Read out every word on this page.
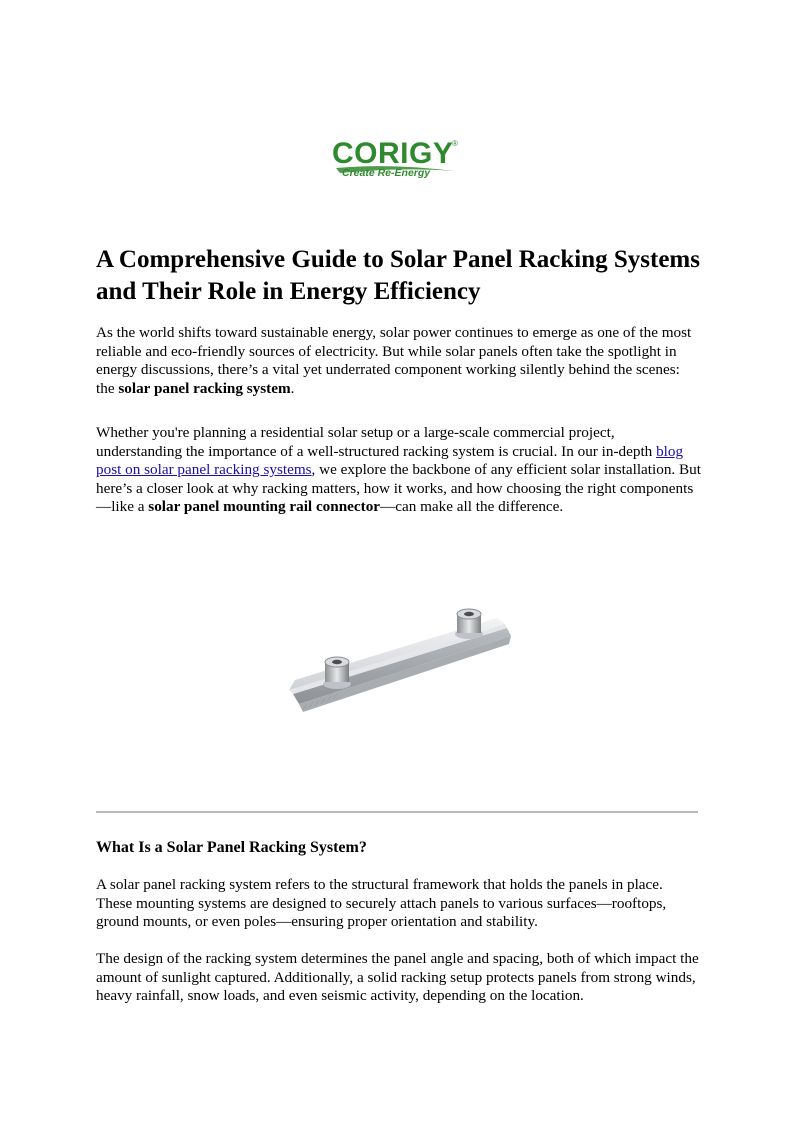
CORIGY
®
Create Re-Energy
A Comprehensive Guide to Solar Panel Racking Systems and Their Role in Energy Efficiency

As the world shifts toward sustainable energy, solar power continues to emerge as one of the most reliable and eco-friendly sources of electricity. But while solar panels often take the spotlight in energy discussions, there’s a vital yet underrated component working silently behind the scenes: the solar panel racking system.

Whether you're planning a residential solar setup or a large-scale commercial project, understanding the importance of a well-structured racking system is crucial. In our in-depth blog post on solar panel racking systems, we explore the backbone of any efficient solar installation. But here’s a closer look at why racking matters, how it works, and how choosing the right components—like a solar panel mounting rail connector—can make all the difference.

What Is a Solar Panel Racking System?

A solar panel racking system refers to the structural framework that holds the panels in place. These mounting systems are designed to securely attach panels to various surfaces—rooftops, ground mounts, or even poles—ensuring proper orientation and stability.

The design of the racking system determines the panel angle and spacing, both of which impact the amount of sunlight captured. Additionally, a solid racking setup protects panels from strong winds, heavy rainfall, snow loads, and even seismic activity, depending on the location.
